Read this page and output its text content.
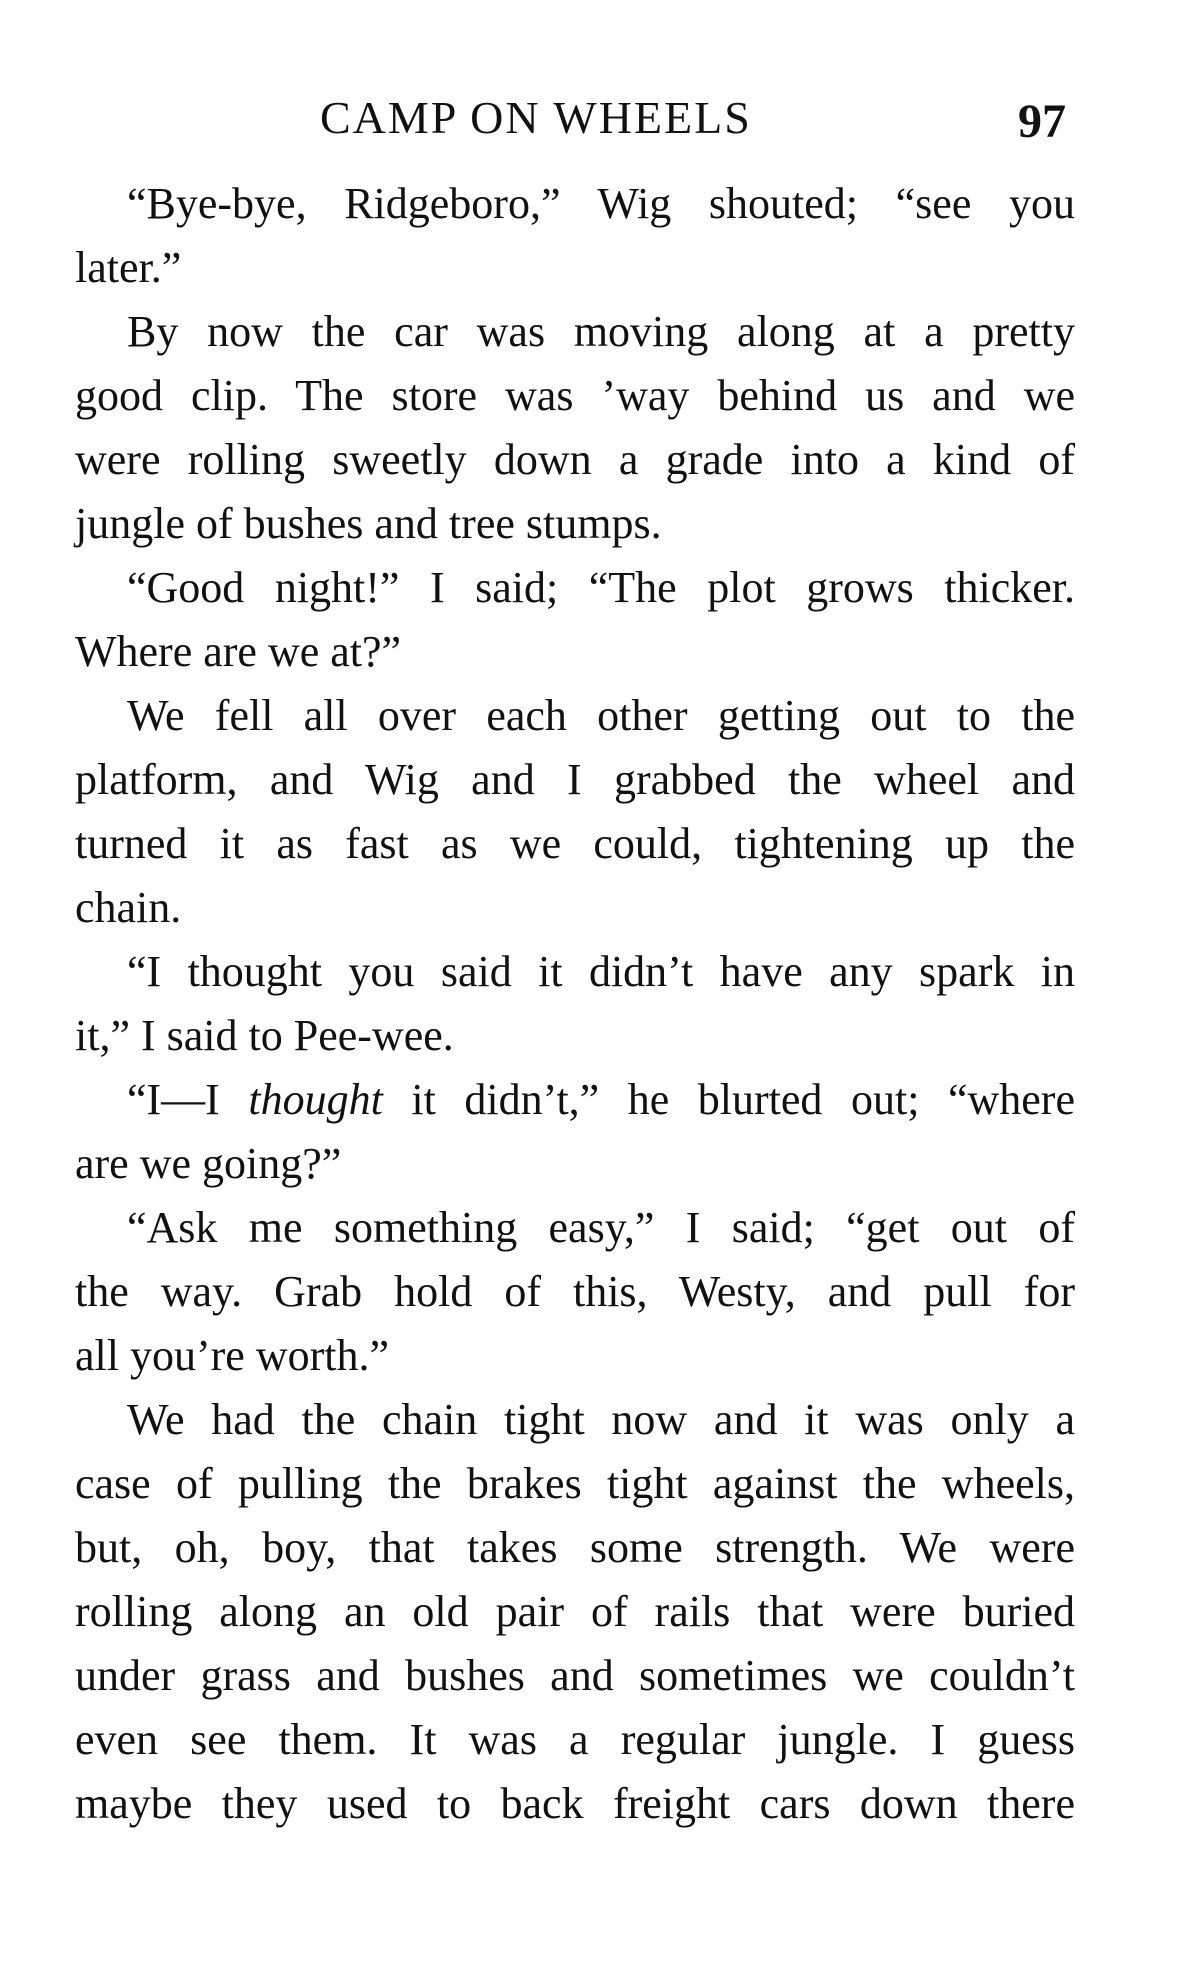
CAMP ON WHEELS	97
“Bye-bye, Ridgeboro,” Wig shouted; “see you
later.”
By now the car was moving along at a pretty
good clip. The store was ’way behind us and we
were rolling sweetly down a grade into a kind of
jungle of bushes and tree stumps.
“Good night!” I said; “The plot grows thicker.
Where are we at?”
We fell all over each other getting out to the
platform, and Wig and I grabbed the wheel and
turned it as fast as we could, tightening up the
chain.
“I thought you said it didn’t have any spark in
it,” I said to Pee-wee.
“I—I thought it didn’t,” he blurted out; “where
are we going?”
“Ask me something easy,” I said; “get out of
the way. Grab hold of this, Westy, and pull for
all you’re worth.”
We had the chain tight now and it was only a
case of pulling the brakes tight against the wheels,
but, oh, boy, that takes some strength. We were
rolling along an old pair of rails that were buried
under grass and bushes and sometimes we couldn’t
even see them. It was a regular jungle. I guess
maybe they used to back freight cars down there
